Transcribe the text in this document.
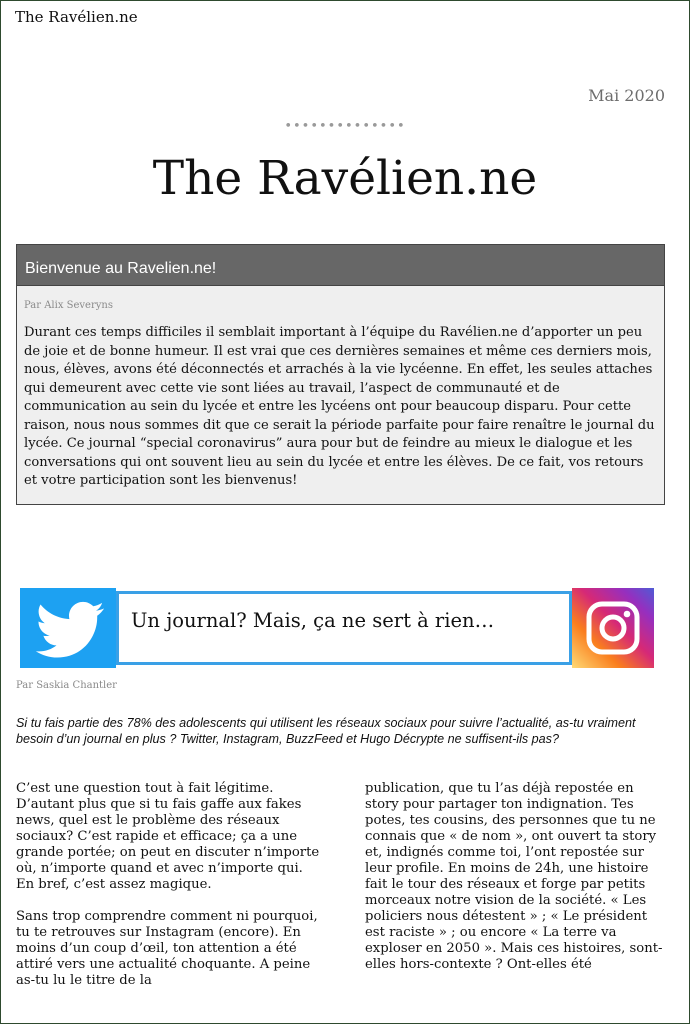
The Ravélien.ne
Mai 2020
••••••••••••••
The Ravélien.ne
Bienvenue au Ravelien.ne!
Par Alix Severyns
Durant ces temps difficiles il semblait important à l’équipe du Ravélien.ne d’apporter un peu de joie et de bonne humeur. Il est vrai que ces dernières semaines et même ces derniers mois, nous, élèves, avons été déconnectés et arrachés à la vie lycéenne. En effet, les seules attaches qui demeurent avec cette vie sont liées au travail, l’aspect de communauté et de communication au sein du lycée et entre les lycéens ont pour beaucoup disparu. Pour cette raison, nous nous sommes dit que ce serait la période parfaite pour faire renaître le journal du lycée. Ce journal “special coronavirus” aura pour but de feindre au mieux le dialogue et les conversations qui ont souvent lieu au sein du lycée et entre les élèves. De ce fait, vos retours et votre participation sont les bienvenus!
Un journal? Mais, ça ne sert à rien…
Par Saskia Chantler
Si tu fais partie des 78% des adolescents qui utilisent les réseaux sociaux pour suivre l’actualité, as-tu vraiment besoin d’un journal en plus ? Twitter, Instagram, BuzzFeed et Hugo Décrypte ne suffisent-ils pas?

C’est une question tout à fait légitime. D’autant plus que si tu fais gaffe aux fakes news, quel est le problème des réseaux sociaux? C’est rapide et efficace; ça a une grande portée; on peut en discuter n’importe où, n’importe quand et avec n’importe qui. En bref, c’est assez magique.

Sans trop comprendre comment ni pourquoi, tu te retrouves sur Instagram (encore). En moins d’un coup d’œil, ton attention a été attiré vers une actualité choquante. A peine as-tu lu le titre de la

publication, que tu l’as déjà repostée en story pour partager ton indignation. Tes potes, tes cousins, des personnes que tu ne connais que « de nom », ont ouvert ta story et, indignés comme toi, l’ont repostée sur leur profile. En moins de 24h, une histoire fait le tour des réseaux et forge par petits morceaux notre vision de la société. « Les policiers nous détestent » ; « Le président est raciste » ; ou encore « La terre va exploser en 2050 ». Mais ces histoires, sont-elles hors-contexte ? Ont-elles été
